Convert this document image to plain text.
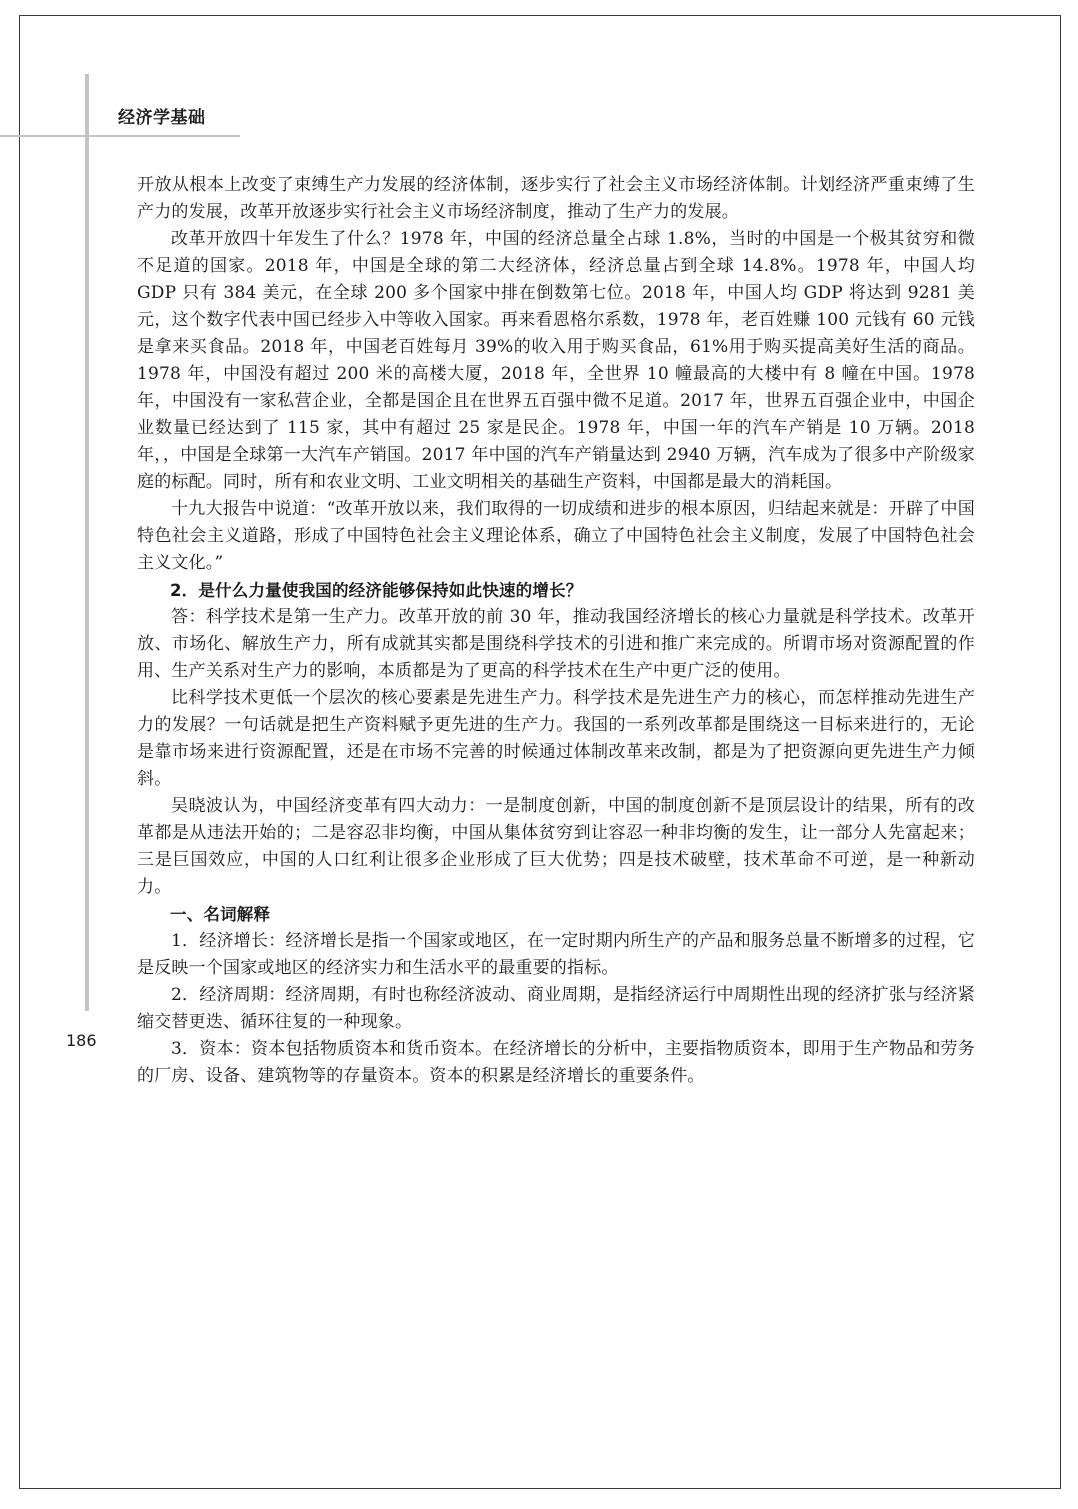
经济学基础
186

开放从根本上改变了束缚生产力发展的经济体制，逐步实行了社会主义市场经济体制。计划经济严重束缚了生产力的发展，改革开放逐步实行社会主义市场经济制度，推动了生产力的发展。

改革开放四十年发生了什么？1978 年，中国的经济总量全占球 1.8%，当时的中国是一个极其贫穷和微不足道的国家。2018 年，中国是全球的第二大经济体，经济总量占到全球 14.8%。1978 年，中国人均 GDP 只有 384 美元，在全球 200 多个国家中排在倒数第七位。2018 年，中国人均 GDP 将达到 9281 美元，这个数字代表中国已经步入中等收入国家。再来看恩格尔系数，1978 年，老百姓赚 100 元钱有 60 元钱是拿来买食品。2018 年，中国老百姓每月 39%的收入用于购买食品，61%用于购买提高美好生活的商品。1978 年，中国没有超过 200 米的高楼大厦，2018 年，全世界 10 幢最高的大楼中有 8 幢在中国。1978 年，中国没有一家私营企业，全都是国企且在世界五百强中微不足道。2017 年，世界五百强企业中，中国企业数量已经达到了 115 家，其中有超过 25 家是民企。1978 年，中国一年的汽车产销是 10 万辆。2018 年，，中国是全球第一大汽车产销国。2017 年中国的汽车产销量达到 2940 万辆，汽车成为了很多中产阶级家庭的标配。同时，所有和农业文明、工业文明相关的基础生产资料，中国都是最大的消耗国。

十九大报告中说道：“改革开放以来，我们取得的一切成绩和进步的根本原因，归结起来就是：开辟了中国特色社会主义道路，形成了中国特色社会主义理论体系，确立了中国特色社会主义制度，发展了中国特色社会主义文化。”

2．是什么力量使我国的经济能够保持如此快速的增长？

答：科学技术是第一生产力。改革开放的前 30 年，推动我国经济增长的核心力量就是科学技术。改革开放、市场化、解放生产力，所有成就其实都是围绕科学技术的引进和推广来完成的。所谓市场对资源配置的作用、生产关系对生产力的影响，本质都是为了更高的科学技术在生产中更广泛的使用。

比科学技术更低一个层次的核心要素是先进生产力。科学技术是先进生产力的核心，而怎样推动先进生产力的发展？一句话就是把生产资料赋予更先进的生产力。我国的一系列改革都是围绕这一目标来进行的，无论是靠市场来进行资源配置，还是在市场不完善的时候通过体制改革来改制，都是为了把资源向更先进生产力倾斜。

吴晓波认为，中国经济变革有四大动力：一是制度创新，中国的制度创新不是顶层设计的结果，所有的改革都是从违法开始的；二是容忍非均衡，中国从集体贫穷到让容忍一种非均衡的发生，让一部分人先富起来；三是巨国效应，中国的人口红利让很多企业形成了巨大优势；四是技术破壁，技术革命不可逆，是一种新动力。

一、名词解释

1．经济增长：经济增长是指一个国家或地区，在一定时期内所生产的产品和服务总量不断增多的过程，它是反映一个国家或地区的经济实力和生活水平的最重要的指标。

2．经济周期：经济周期，有时也称经济波动、商业周期，是指经济运行中周期性出现的经济扩张与经济紧缩交替更迭、循环往复的一种现象。

3．资本：资本包括物质资本和货币资本。在经济增长的分析中，主要指物质资本，即用于生产物品和劳务的厂房、设备、建筑物等的存量资本。资本的积累是经济增长的重要条件。
